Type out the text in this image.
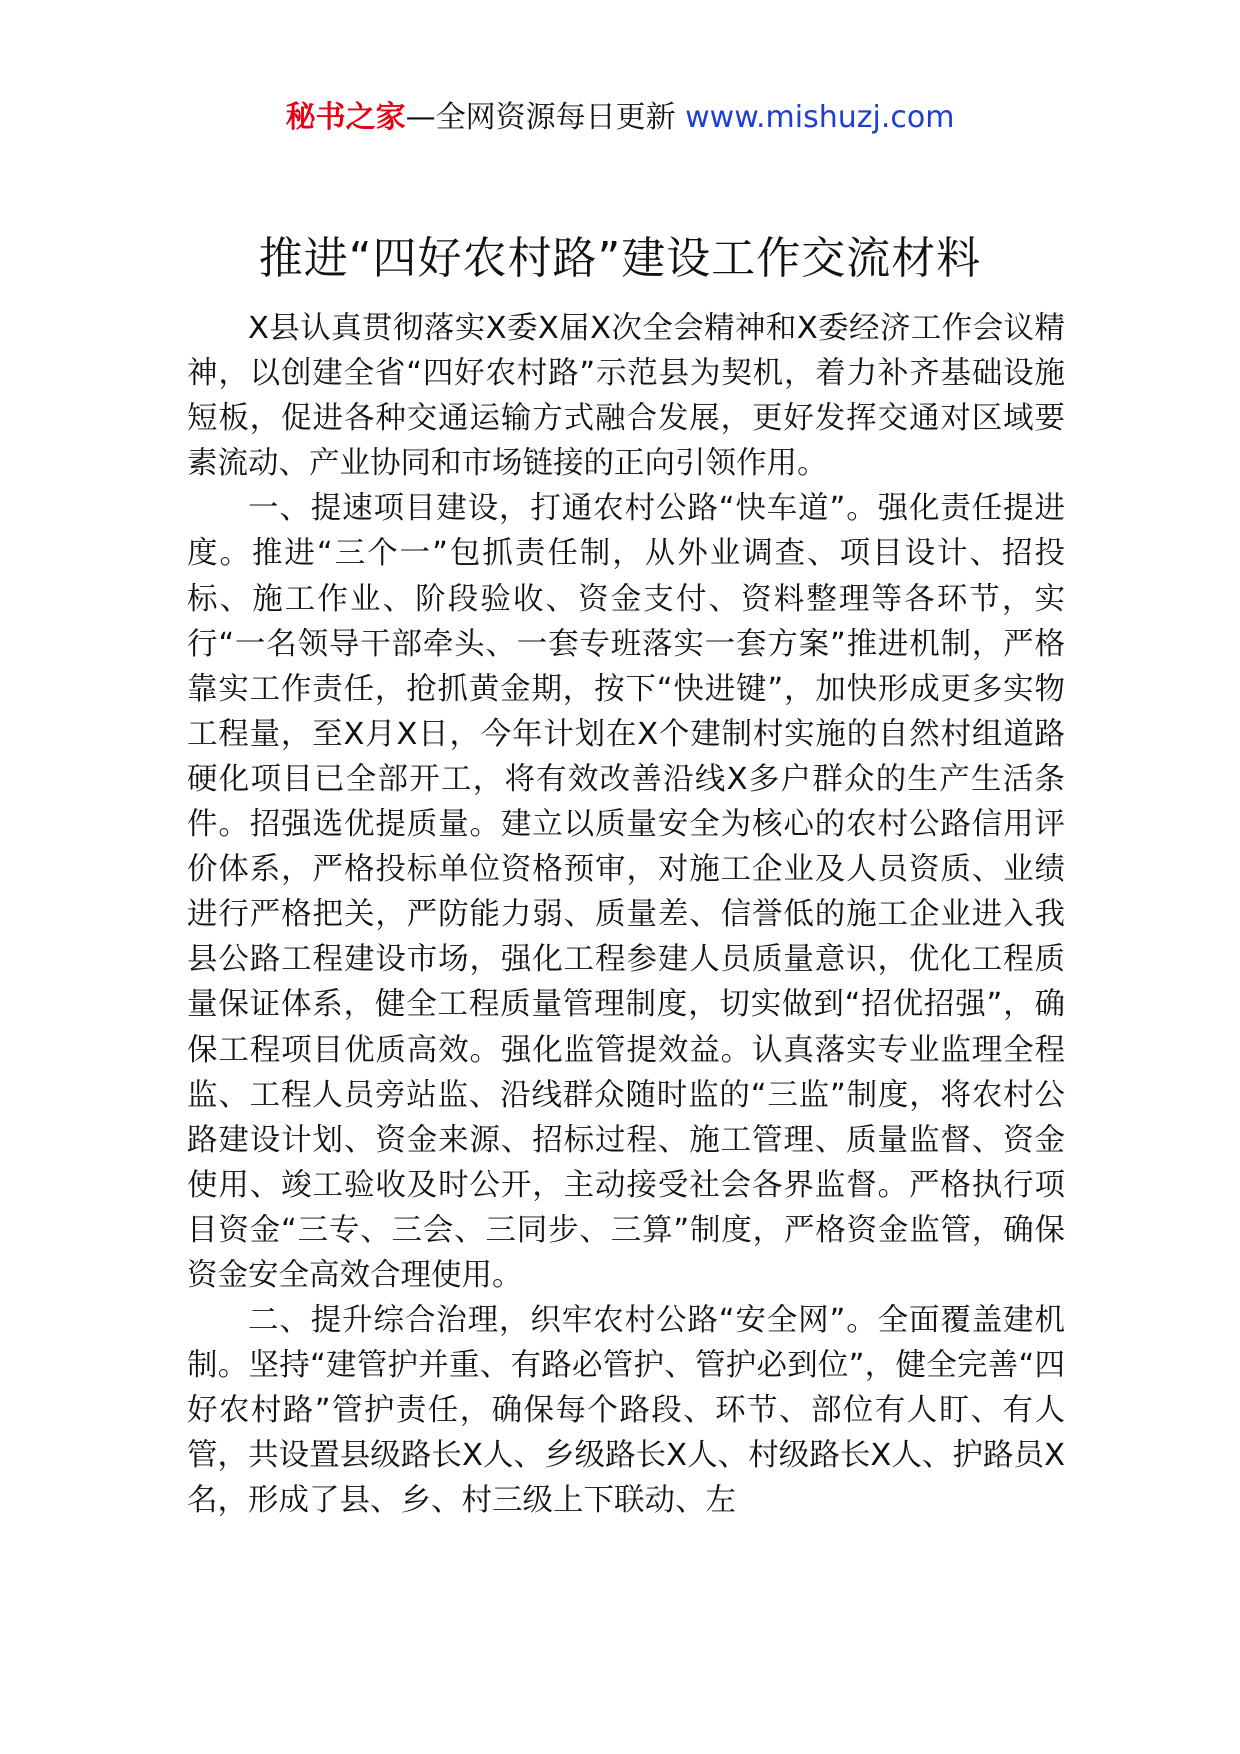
秘书之家—全网资源每日更新 www.mishuzj.com
推进“四好农村路”建设工作交流材料

X县认真贯彻落实X委X届X次全会精神和X委经济工作会议精神，以创建全省“四好农村路”示范县为契机，着力补齐基础设施短板，促进各种交通运输方式融合发展，更好发挥交通对区域要素流动、产业协同和市场链接的正向引领作用。

一、提速项目建设，打通农村公路“快车道”。强化责任提进度。推进“三个一”包抓责任制，从外业调查、项目设计、招投标、施工作业、阶段验收、资金支付、资料整理等各环节，实行“一名领导干部牵头、一套专班落实一套方案”推进机制，严格靠实工作责任，抢抓黄金期，按下“快进键”，加快形成更多实物工程量，至X月X日，今年计划在X个建制村实施的自然村组道路硬化项目已全部开工，将有效改善沿线X多户群众的生产生活条件。招强选优提质量。建立以质量安全为核心的农村公路信用评价体系，严格投标单位资格预审，对施工企业及人员资质、业绩进行严格把关，严防能力弱、质量差、信誉低的施工企业进入我县公路工程建设市场，强化工程参建人员质量意识，优化工程质量保证体系，健全工程质量管理制度，切实做到“招优招强”，确保工程项目优质高效。强化监管提效益。认真落实专业监理全程监、工程人员旁站监、沿线群众随时监的“三监”制度，将农村公路建设计划、资金来源、招标过程、施工管理、质量监督、资金使用、竣工验收及时公开，主动接受社会各界监督。严格执行项目资金“三专、三会、三同步、三算”制度，严格资金监管，确保资金安全高效合理使用。

二、提升综合治理，织牢农村公路“安全网”。全面覆盖建机制。坚持“建管护并重、有路必管护、管护必到位”，健全完善“四好农村路”管护责任，确保每个路段、环节、部位有人盯、有人管，共设置县级路长X人、乡级路长X人、村级路长X人、护路员X名，形成了县、乡、村三级上下联动、左
